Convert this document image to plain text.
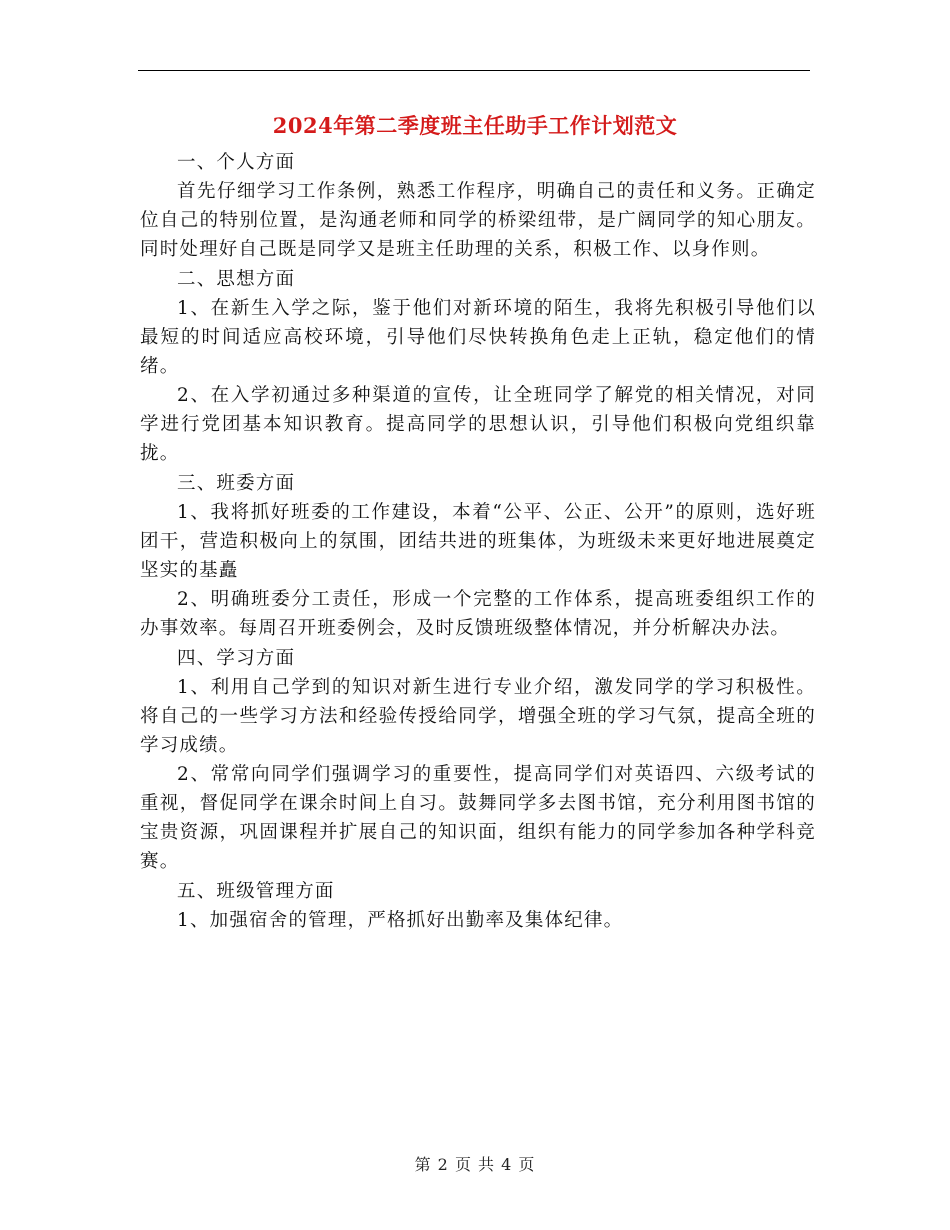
2024年第二季度班主任助手工作计划范文

一、个人方面

首先仔细学习工作条例，熟悉工作程序，明确自己的责任和义务。正确定位自己的特别位置，是沟通老师和同学的桥梁纽带，是广阔同学的知心朋友。同时处理好自己既是同学又是班主任助理的关系，积极工作、以身作则。

二、思想方面

1、在新生入学之际，鉴于他们对新环境的陌生，我将先积极引导他们以最短的时间适应高校环境，引导他们尽快转换角色走上正轨，稳定他们的情绪。

2、在入学初通过多种渠道的宣传，让全班同学了解党的相关情况，对同学进行党团基本知识教育。提高同学的思想认识，引导他们积极向党组织靠拢。

三、班委方面

1、我将抓好班委的工作建设，本着“公平、公正、公开”的原则，选好班团干，营造积极向上的氛围，团结共进的班集体，为班级未来更好地进展奠定坚实的基矗

2、明确班委分工责任，形成一个完整的工作体系，提高班委组织工作的办事效率。每周召开班委例会，及时反馈班级整体情况，并分析解决办法。

四、学习方面

1、利用自己学到的知识对新生进行专业介绍，激发同学的学习积极性。将自己的一些学习方法和经验传授给同学，增强全班的学习气氛，提高全班的学习成绩。

2、常常向同学们强调学习的重要性，提高同学们对英语四、六级考试的重视，督促同学在课余时间上自习。鼓舞同学多去图书馆，充分利用图书馆的宝贵资源，巩固课程并扩展自己的知识面，组织有能力的同学参加各种学科竞赛。

五、班级管理方面

1、加强宿舍的管理，严格抓好出勤率及集体纪律。

第 2 页 共 4 页
